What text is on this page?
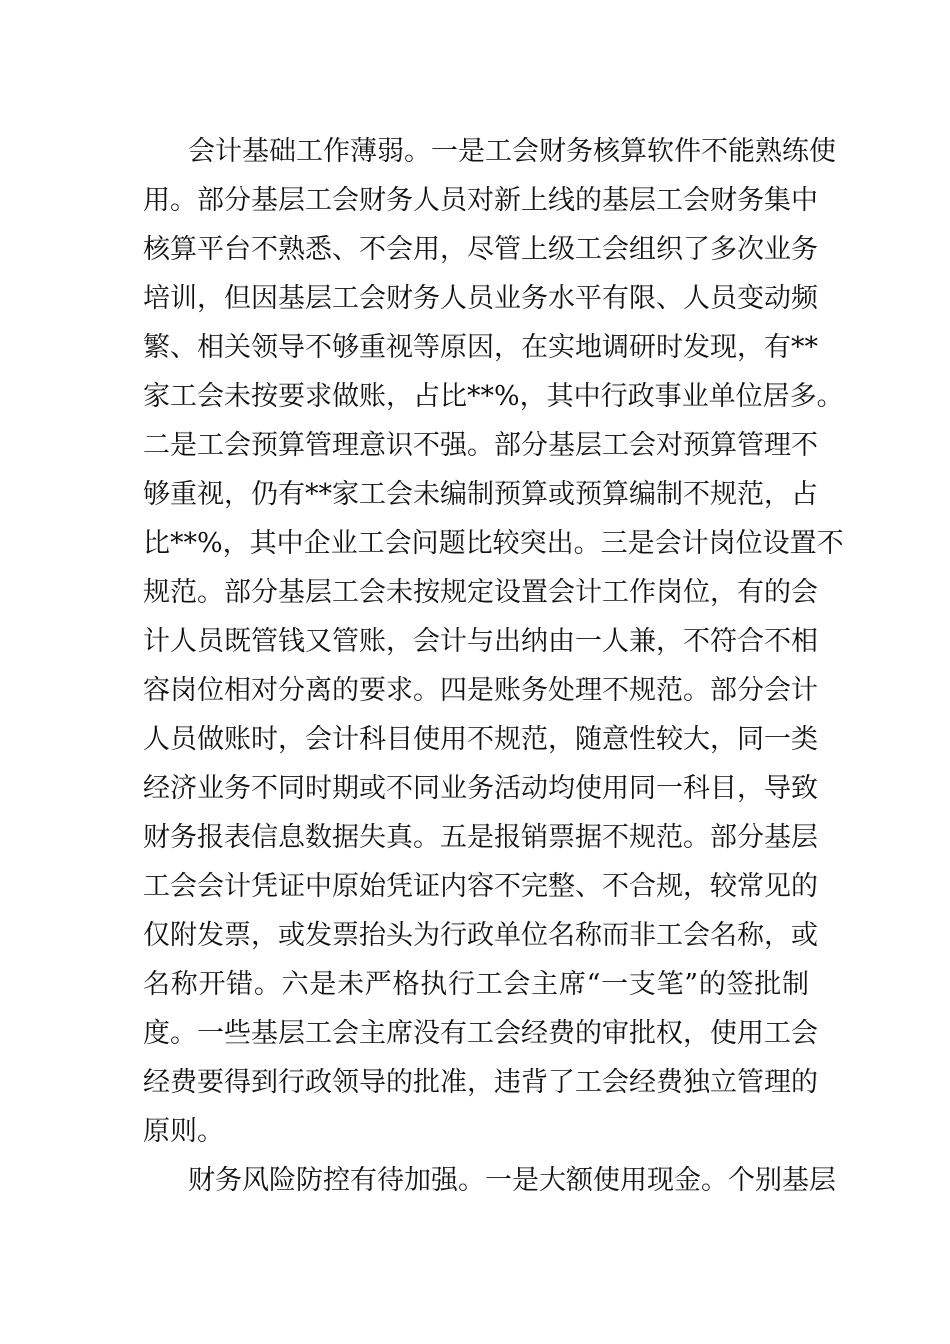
会计基础工作薄弱。一是工会财务核算软件不能熟练使
用。部分基层工会财务人员对新上线的基层工会财务集中
核算平台不熟悉、不会用，尽管上级工会组织了多次业务
培训，但因基层工会财务人员业务水平有限、人员变动频
繁、相关领导不够重视等原因，在实地调研时发现，有**
家工会未按要求做账，占比**%，其中行政事业单位居多。
二是工会预算管理意识不强。部分基层工会对预算管理不
够重视，仍有**家工会未编制预算或预算编制不规范，占
比**%，其中企业工会问题比较突出。三是会计岗位设置不
规范。部分基层工会未按规定设置会计工作岗位，有的会
计人员既管钱又管账，会计与出纳由一人兼，不符合不相
容岗位相对分离的要求。四是账务处理不规范。部分会计
人员做账时，会计科目使用不规范，随意性较大，同一类
经济业务不同时期或不同业务活动均使用同一科目，导致
财务报表信息数据失真。五是报销票据不规范。部分基层
工会会计凭证中原始凭证内容不完整、不合规，较常见的
仅附发票，或发票抬头为行政单位名称而非工会名称，或
名称开错。六是未严格执行工会主席“一支笔”的签批制
度。一些基层工会主席没有工会经费的审批权，使用工会
经费要得到行政领导的批准，违背了工会经费独立管理的
原则。
财务风险防控有待加强。一是大额使用现金。个别基层
